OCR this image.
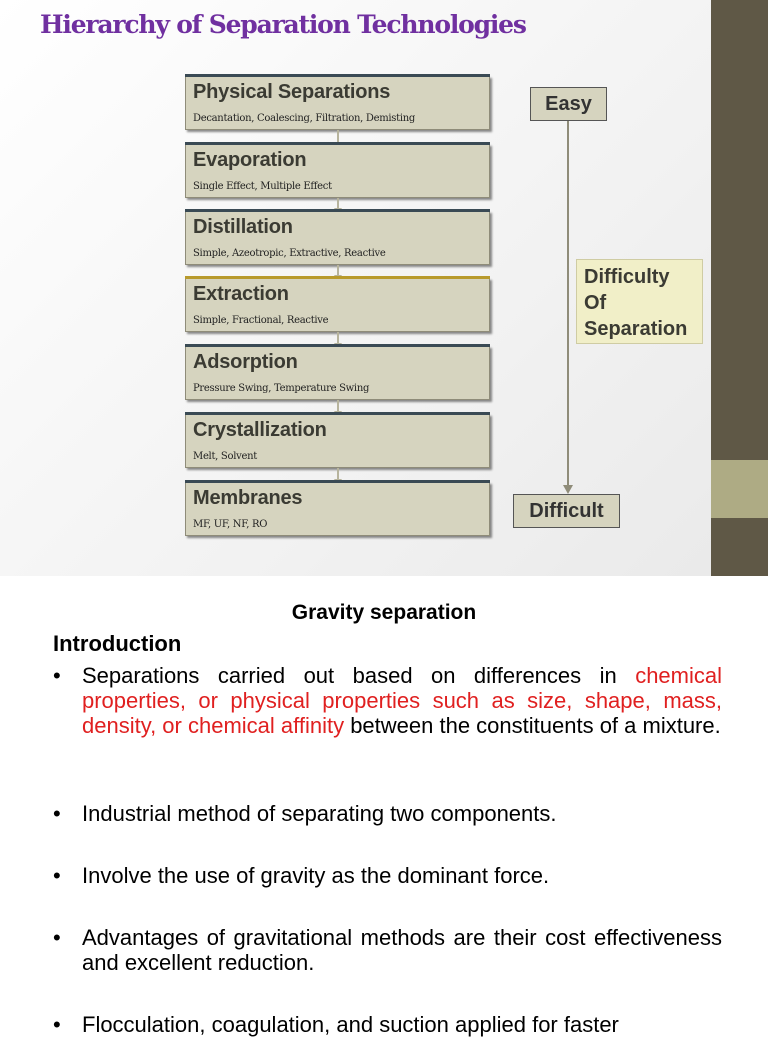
Hierarchy of Separation Technologies
Physical Separations
Decantation, Coalescing, Filtration, Demisting
Evaporation
Single Effect, Multiple Effect
Distillation
Simple, Azeotropic, Extractive, Reactive
Extraction
Simple, Fractional, Reactive
Adsorption
Pressure Swing, Temperature Swing
Crystallization
Melt, Solvent
Membranes
MF, UF, NF, RO
Easy
Difficulty
Of
Separation
Difficult
Gravity separation
Introduction
• Separations carried out based on differences in chemical properties, or physical properties such as size, shape, mass, density, or chemical affinity between the constituents of a mixture.
• Industrial method of separating two components.
• Involve the use of gravity as the dominant force.
• Advantages of gravitational methods are their cost effectiveness and excellent reduction.
• Flocculation, coagulation, and suction applied for faster
